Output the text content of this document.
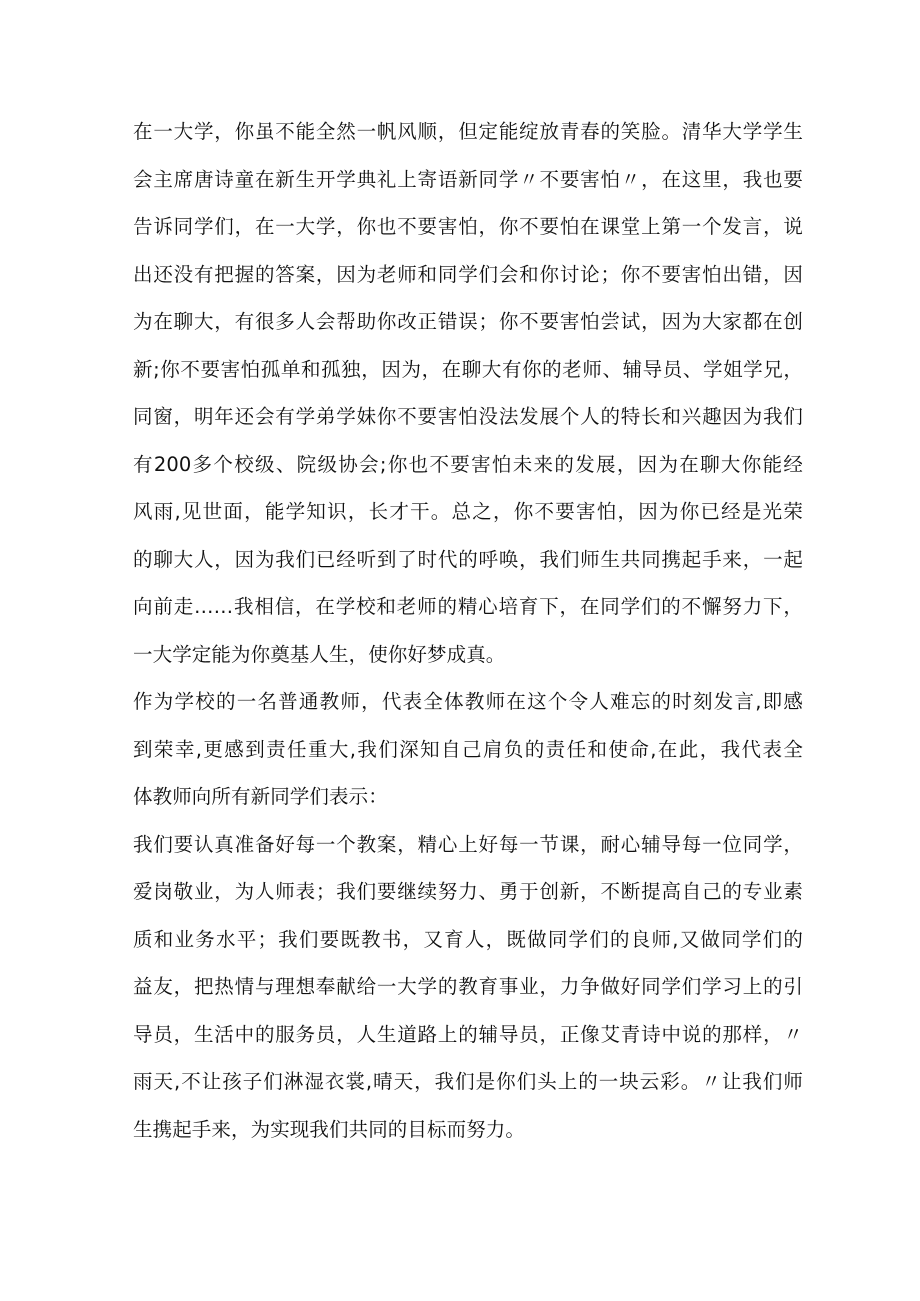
在一大学，你虽不能全然一帆风顺，但定能绽放青春的笑脸。清华大学学生
会主席唐诗童在新生开学典礼上寄语新同学〃不要害怕〃，在这里，我也要
告诉同学们，在一大学，你也不要害怕，你不要怕在课堂上第一个发言，说
出还没有把握的答案，因为老师和同学们会和你讨论；你不要害怕出错，因
为在聊大，有很多人会帮助你改正错误；你不要害怕尝试，因为大家都在创
新;你不要害怕孤单和孤独，因为，在聊大有你的老师、辅导员、学姐学兄，
同窗，明年还会有学弟学妹你不要害怕没法发展个人的特长和兴趣因为我们
有200多个校级、院级协会;你也不要害怕未来的发展，因为在聊大你能经
风雨,见世面，能学知识，长才干。总之，你不要害怕，因为你已经是光荣
的聊大人，因为我们已经听到了时代的呼唤，我们师生共同携起手来，一起
向前走……我相信，在学校和老师的精心培育下，在同学们的不懈努力下，
一大学定能为你奠基人生，使你好梦成真。

作为学校的一名普通教师，代表全体教师在这个令人难忘的时刻发言,即感
到荣幸,更感到责任重大,我们深知自己肩负的责任和使命,在此，我代表全
体教师向所有新同学们表示：

我们要认真准备好每一个教案，精心上好每一节课，耐心辅导每一位同学，
爱岗敬业，为人师表；我们要继续努力、勇于创新，不断提高自己的专业素
质和业务水平；我们要既教书，又育人，既做同学们的良师,又做同学们的
益友，把热情与理想奉献给一大学的教育事业，力争做好同学们学习上的引
导员，生活中的服务员，人生道路上的辅导员，正像艾青诗中说的那样，〃
雨天,不让孩子们淋湿衣裳,晴天，我们是你们头上的一块云彩。〃让我们师
生携起手来，为实现我们共同的目标而努力。
